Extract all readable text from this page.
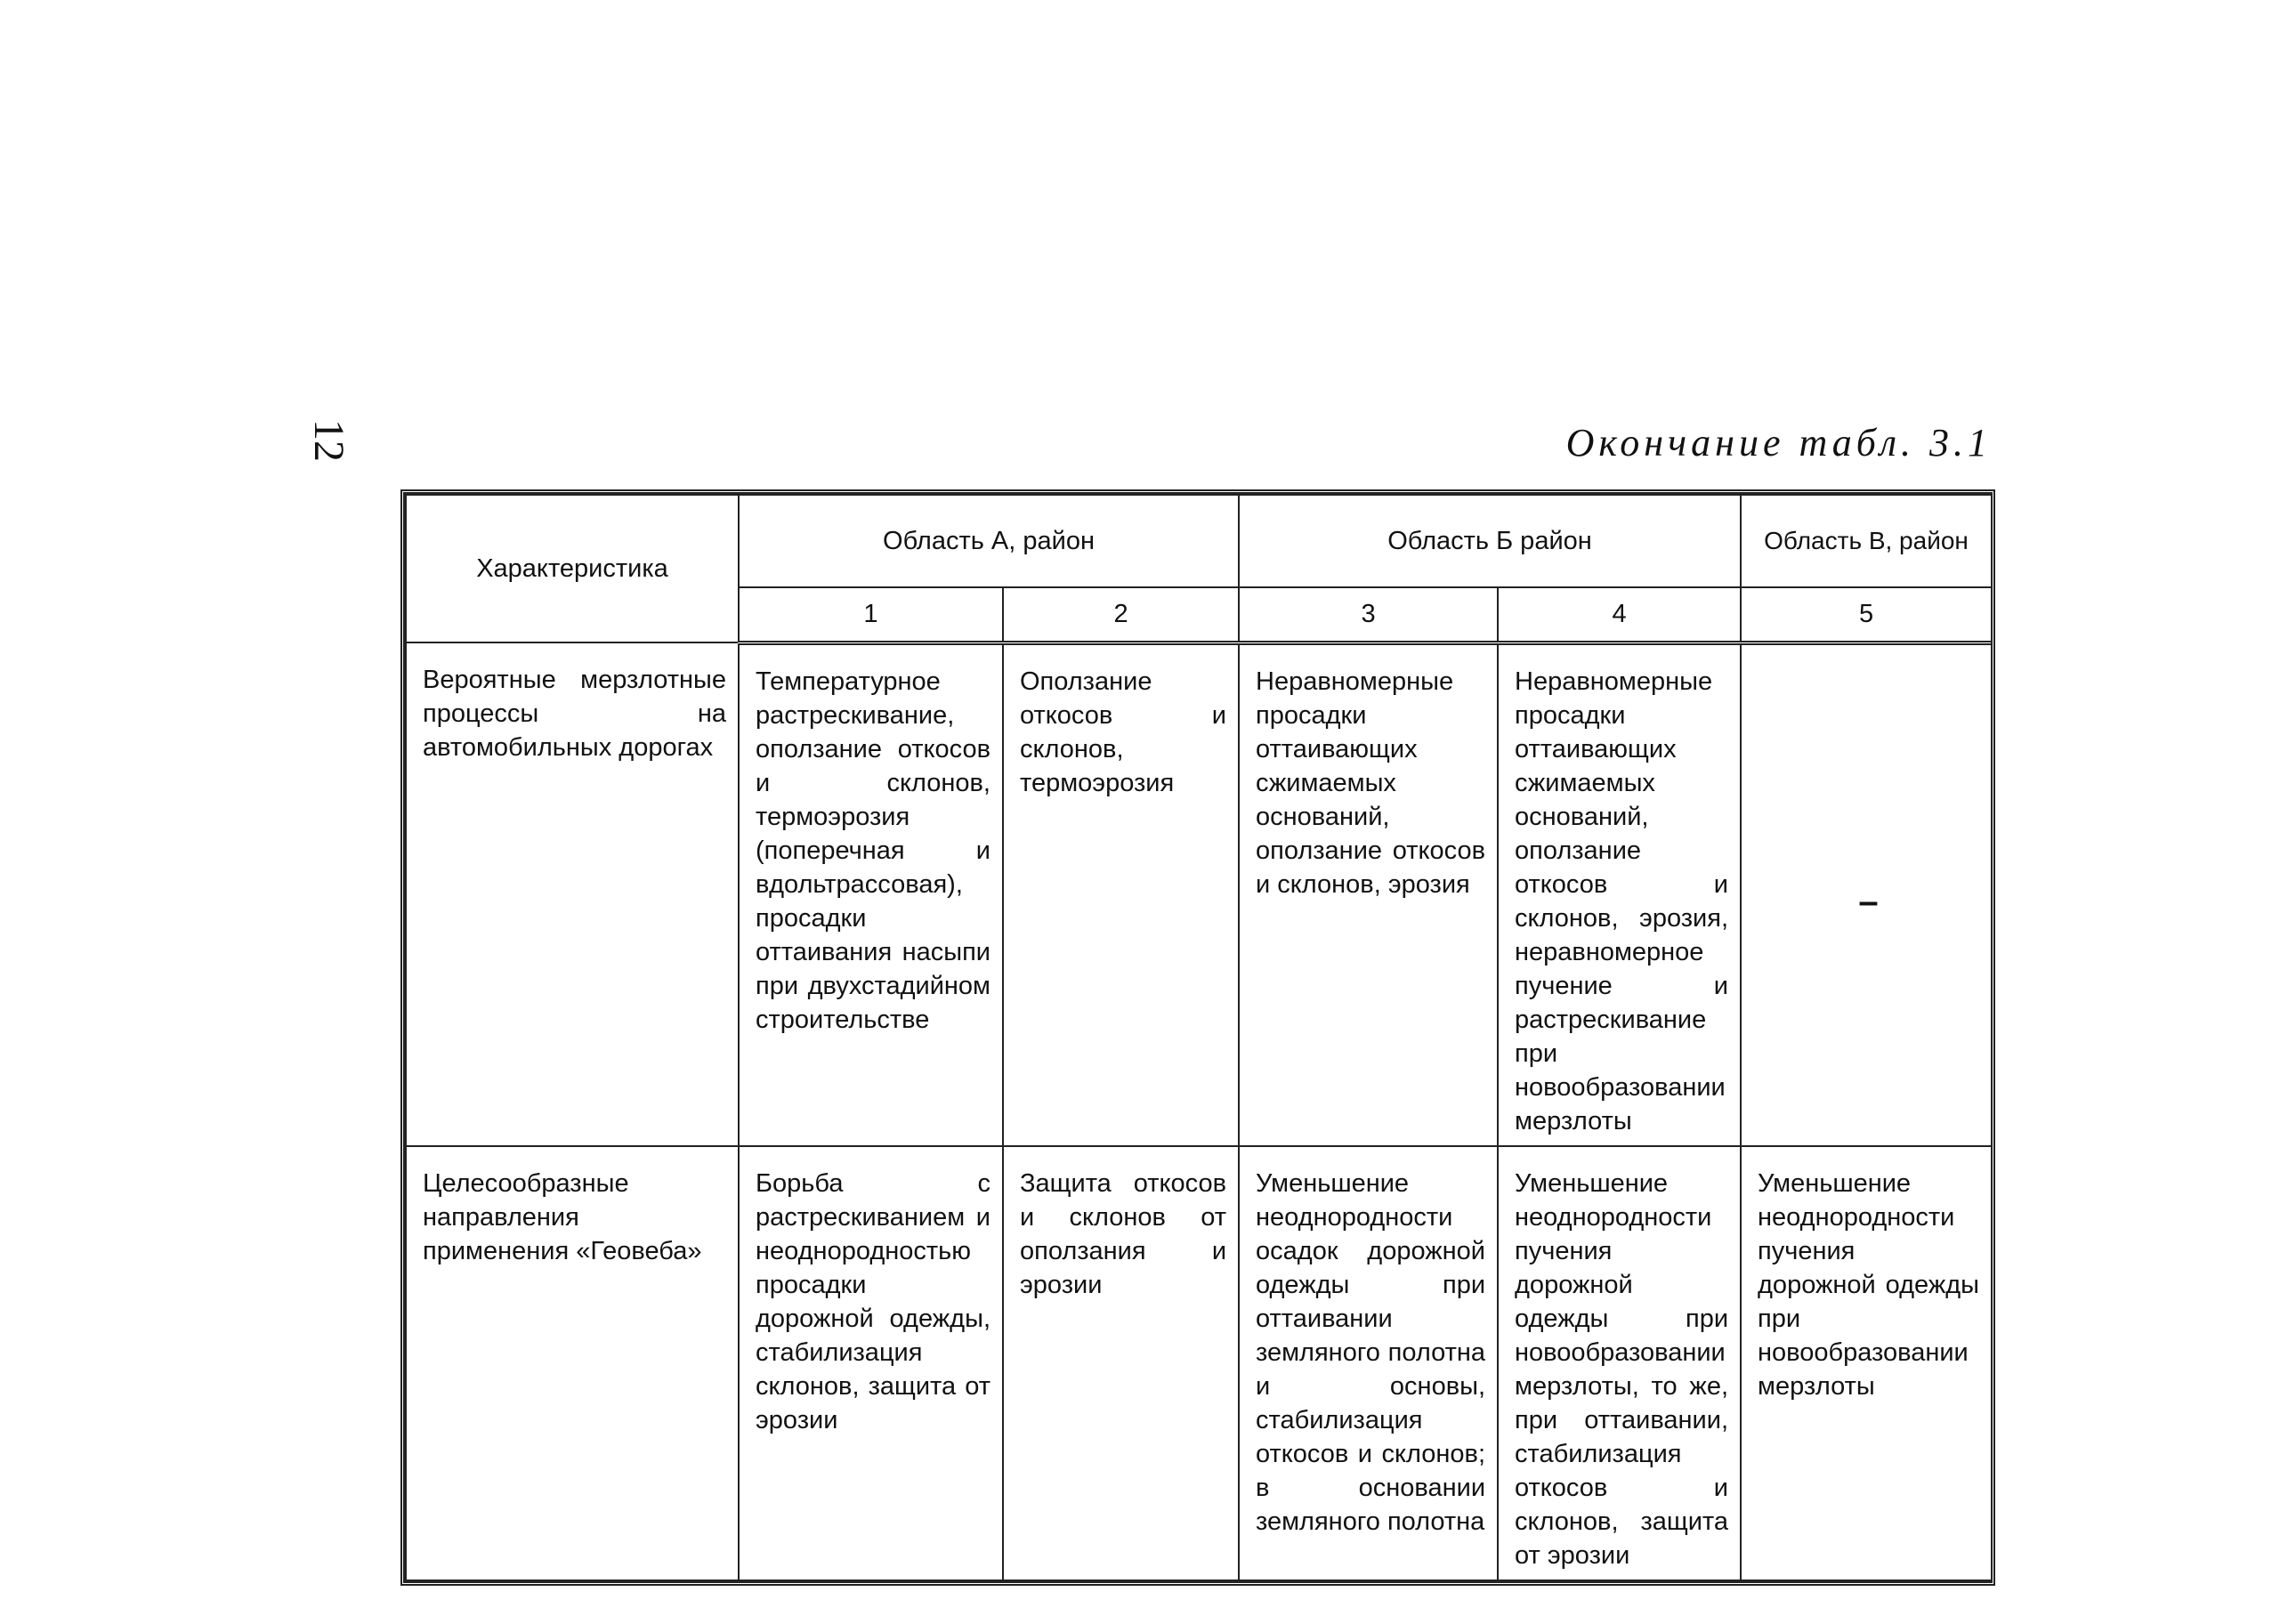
12	Окончание табл. 3.1
Характеристика	Область А, район		Область Б район		Область В, район
	1	2	3	4	5
Вероятные мерзлотные процессы на автомобильных дорогах	Температурное растрескивание, оползание откосов и склонов, термоэрозия (поперечная и вдольтрассовая), просадки оттаивания насыпи при двухстадийном строительстве	Оползание откосов и склонов, термоэрозия	Неравномерные просадки оттаивающих сжимаемых оснований, оползание откосов и склонов, эрозия	Неравномерные просадки оттаивающих сжимаемых оснований, оползание откосов и склонов, эрозия, неравномерное пучение и растрескивание при новообразовании мерзлоты	–
Целесообразные направления применения «Геовеба»	Борьба с растрескиванием и неоднородностью просадки дорожной одежды, стабилизация склонов, защита от эрозии	Защита откосов и склонов от оползания и эрозии	Уменьшение неоднородности осадок дорожной одежды при оттаивании земляного полотна и основы, стабилизация откосов и склонов; в основании земляного полотна	Уменьшение неоднородности пучения дорожной одежды при новообразовании мерзлоты, то же, при оттаивании, стабилизация откосов и склонов, защита от эрозии	Уменьшение неоднородности пучения дорожной одежды при новообразовании мерзлоты
